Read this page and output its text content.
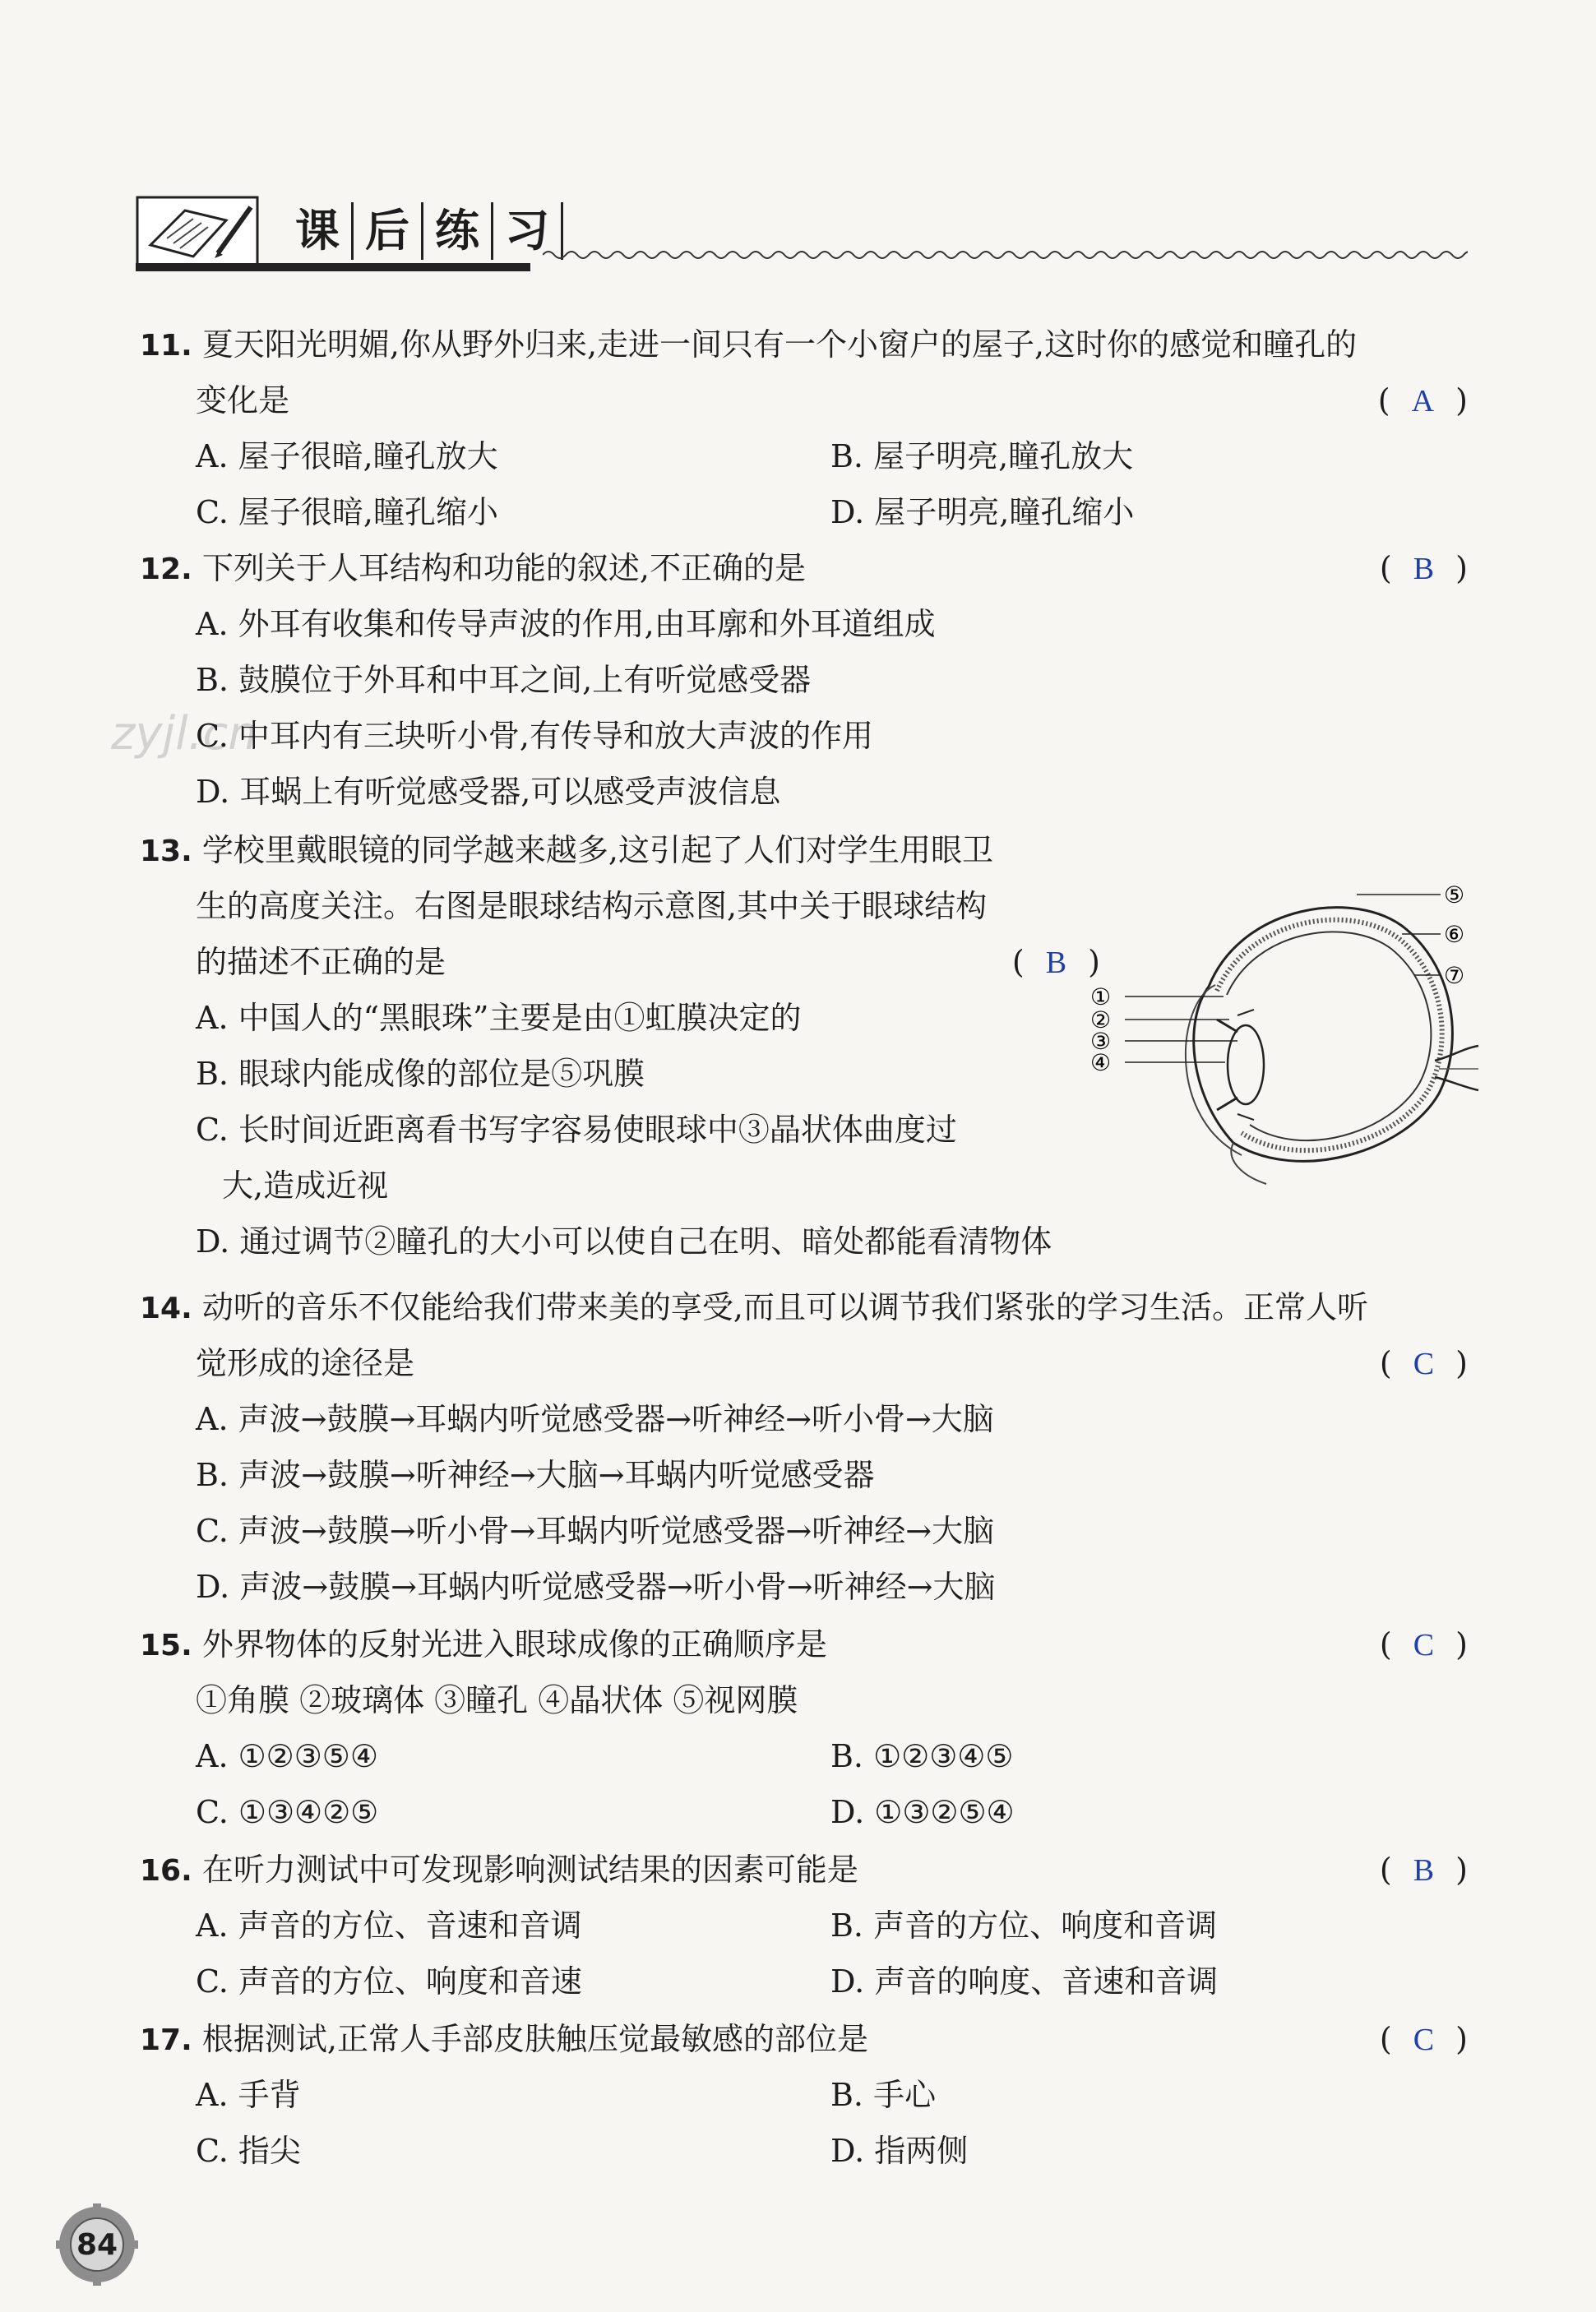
课 后 练 习
zyjl.cn
11. 夏天阳光明媚,你从野外归来,走进一间只有一个小窗户的屋子,这时你的感觉和瞳孔的
变化是	( A )
A. 屋子很暗,瞳孔放大	B. 屋子明亮,瞳孔放大
C. 屋子很暗,瞳孔缩小	D. 屋子明亮,瞳孔缩小
12. 下列关于人耳结构和功能的叙述,不正确的是	( B )
A. 外耳有收集和传导声波的作用,由耳廓和外耳道组成
B. 鼓膜位于外耳和中耳之间,上有听觉感受器
C. 中耳内有三块听小骨,有传导和放大声波的作用
D. 耳蜗上有听觉感受器,可以感受声波信息
13. 学校里戴眼镜的同学越来越多,这引起了人们对学生用眼卫
生的高度关注。右图是眼球结构示意图,其中关于眼球结构
的描述不正确的是	( B )
A. 中国人的“黑眼珠”主要是由①虹膜决定的
B. 眼球内能成像的部位是⑤巩膜
C. 长时间近距离看书写字容易使眼球中③晶状体曲度过
大,造成近视
D. 通过调节②瞳孔的大小可以使自己在明、暗处都能看清物体
①
②
③
④
⑤
⑥
⑦
14. 动听的音乐不仅能给我们带来美的享受,而且可以调节我们紧张的学习生活。正常人听
觉形成的途径是	( C )
A. 声波→鼓膜→耳蜗内听觉感受器→听神经→听小骨→大脑
B. 声波→鼓膜→听神经→大脑→耳蜗内听觉感受器
C. 声波→鼓膜→听小骨→耳蜗内听觉感受器→听神经→大脑
D. 声波→鼓膜→耳蜗内听觉感受器→听小骨→听神经→大脑
15. 外界物体的反射光进入眼球成像的正确顺序是	( C )
①角膜 ②玻璃体 ③瞳孔 ④晶状体 ⑤视网膜
A. ①②③⑤④	B. ①②③④⑤
C. ①③④②⑤	D. ①③②⑤④
16. 在听力测试中可发现影响测试结果的因素可能是	( B )
A. 声音的方位、音速和音调	B. 声音的方位、响度和音调
C. 声音的方位、响度和音速	D. 声音的响度、音速和音调
17. 根据测试,正常人手部皮肤触压觉最敏感的部位是	( C )
A. 手背	B. 手心
C. 指尖	D. 指两侧
84
